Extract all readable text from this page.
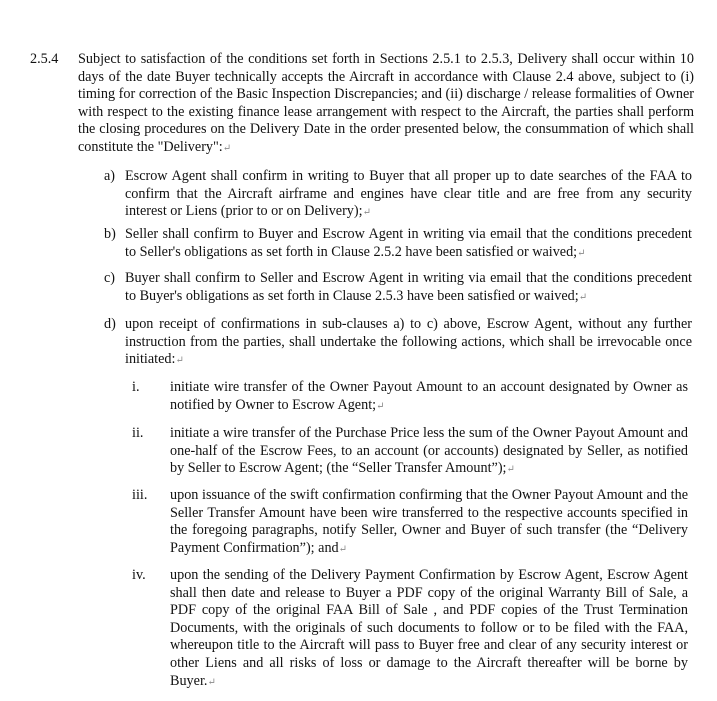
2.5.4	Subject to satisfaction of the conditions set forth in Sections 2.5.1 to 2.5.3, Delivery shall occur within 10 days of the date Buyer technically accepts the Aircraft in accordance with Clause 2.4 above, subject to (i) timing for correction of the Basic Inspection Discrepancies; and (ii) discharge / release formalities of Owner with respect to the existing finance lease arrangement with respect to the Aircraft, the parties shall perform the closing procedures on the Delivery Date in the order presented below, the consummation of which shall constitute the "Delivery":↵
a) Escrow Agent shall confirm in writing to Buyer that all proper up to date searches of the FAA to confirm that the Aircraft airframe and engines have clear title and are free from any security interest or Liens (prior to or on Delivery);↵
b) Seller shall confirm to Buyer and Escrow Agent in writing via email that the conditions precedent to Seller's obligations as set forth in Clause 2.5.2 have been satisfied or waived;↵
c) Buyer shall confirm to Seller and Escrow Agent in writing via email that the conditions precedent to Buyer's obligations as set forth in Clause 2.5.3 have been satisfied or waived;↵
d) upon receipt of confirmations in sub-clauses a) to c) above, Escrow Agent, without any further instruction from the parties, shall undertake the following actions, which shall be irrevocable once initiated:↵
i.	initiate wire transfer of the Owner Payout Amount to an account designated by Owner as notified by Owner to Escrow Agent;↵
ii.	initiate a wire transfer of the Purchase Price less the sum of the Owner Payout Amount and one-half of the Escrow Fees, to an account (or accounts) designated by Seller, as notified by Seller to Escrow Agent; (the “Seller Transfer Amount”);↵
iii.	upon issuance of the swift confirmation confirming that the Owner Payout Amount and the Seller Transfer Amount have been wire transferred to the respective accounts specified in the foregoing paragraphs, notify Seller, Owner and Buyer of such transfer (the “Delivery Payment Confirmation”); and↵
iv.	upon the sending of the Delivery Payment Confirmation by Escrow Agent, Escrow Agent shall then date and release to Buyer a PDF copy of the original Warranty Bill of Sale, a PDF copy of the original FAA Bill of Sale , and PDF copies of the Trust Termination Documents, with the originals of such documents to follow or to be filed with the FAA, whereupon title to the Aircraft will pass to Buyer free and clear of any security interest or other Liens and all risks of loss or damage to the Aircraft thereafter will be borne by Buyer.↵
